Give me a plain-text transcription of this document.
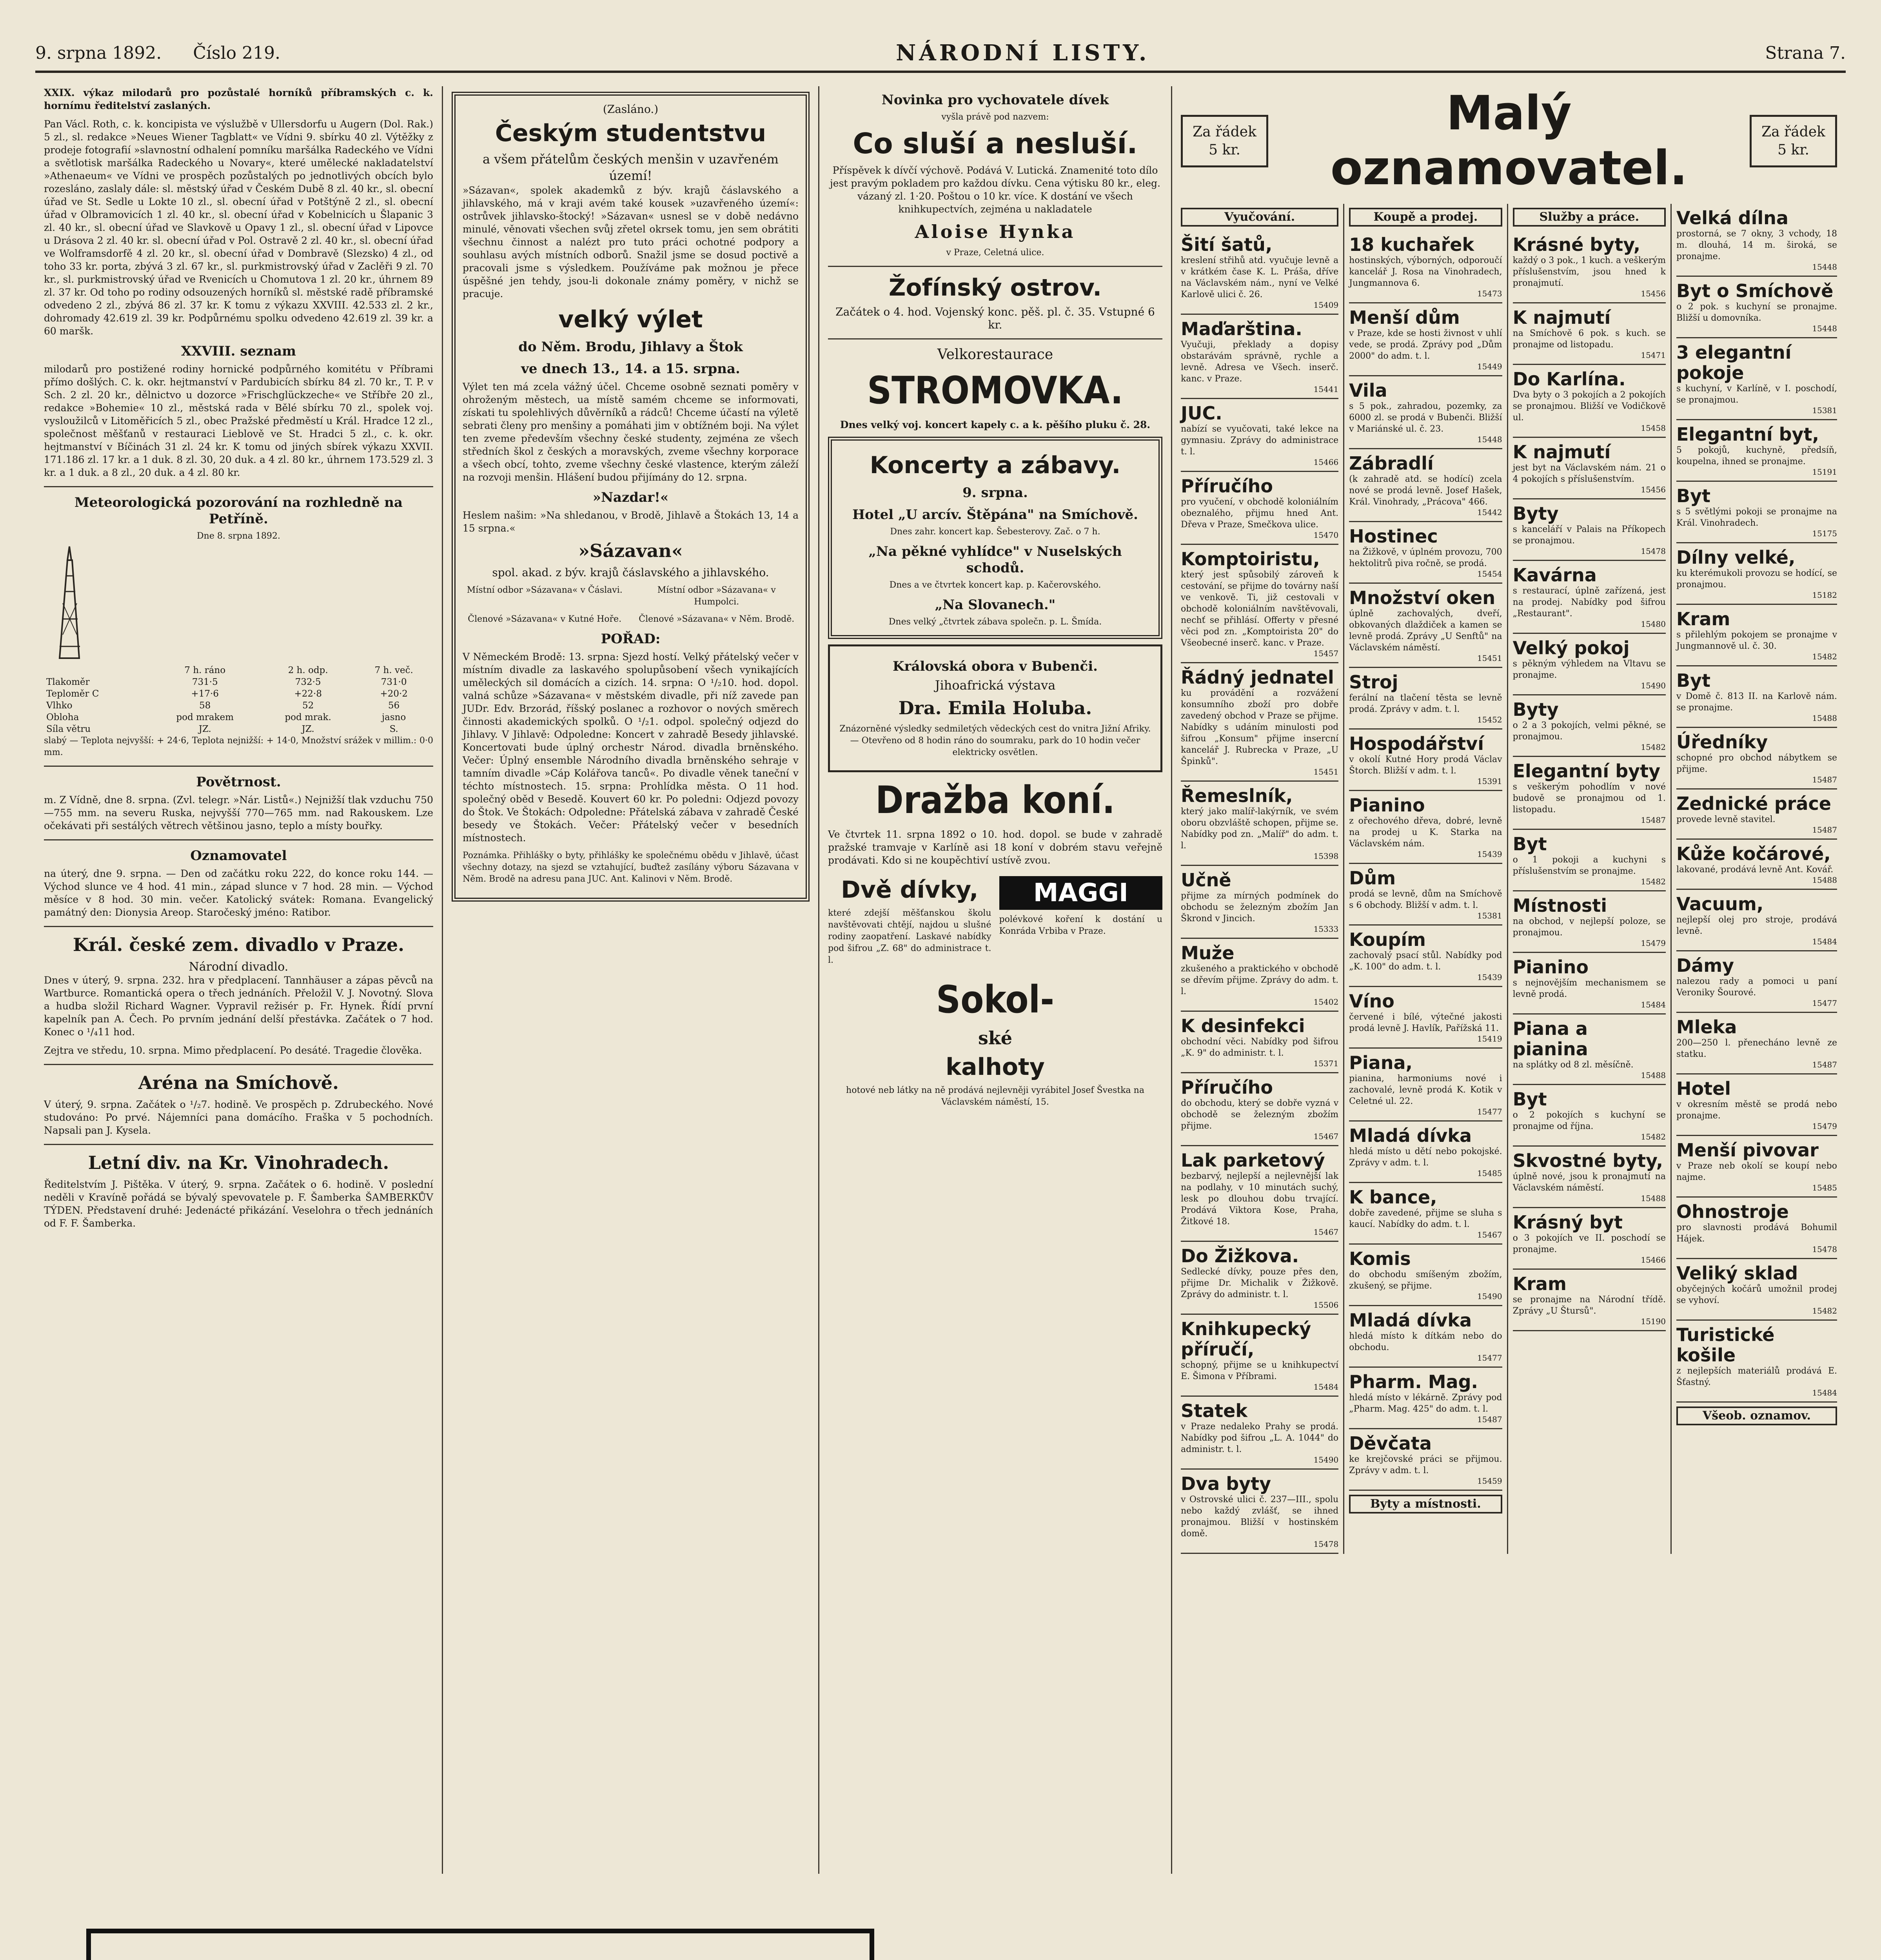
9. srpna 1892. Číslo 219.	NÁRODNÍ LISTY.	Strana 7.

XXIX. výkaz milodarů pro pozůstalé horníků příbramských c. k. hornímu ředitelství zaslaných.

Pan Václ. Roth, c. k. koncipista ve výslužbě v Ullersdorfu u Augern (Dol. Rak.) 5 zl., sl. redakce »Neues Wiener Tagblatt« ve Vídni 9. sbírku 40 zl. Výtěžky z prodeje fotografií »slavnostní odhalení pomníku maršálka Radeckého ve Vídni a světlotisk maršálka Radeckého u Novary«, které umělecké nakladatelství »Athenaeum« ve Vídni ve prospěch pozůstalých po jednotlivých obcích bylo rozesláno, zaslaly dále: sl. městský úřad v Českém Dubě 8 zl. 40 kr., sl. obecní úřad ve St. Sedle u Lokte 10 zl., sl. obecní úřad v Potštýně 2 zl., sl. obecní úřad v Olbramovicích 1 zl. 40 kr., sl. obecní úřad v Kobelnicích u Šlapanic 3 zl. 40 kr., sl. obecní úřad ve Slavkově u Opavy 1 zl., sl. obecní úřad v Lipovce u Drásova 2 zl. 40 kr. sl. obecní úřad v Pol. Ostravě 2 zl. 40 kr., sl. obecní úřad ve Wolframsdorfě 4 zl. 20 kr., sl. obecní úřad v Dombravě (Slezsko) 4 zl., od toho 33 kr. porta, zbývá 3 zl. 67 kr., sl. purkmistrovský úřad v Zaclěři 9 zl. 70 kr., sl. purkmistrovský úřad ve Rvenicích u Chomutova 1 zl. 20 kr., úhrnem 89 zl. 37 kr. Od toho po rodiny odsouzených horníků sl. městské radě příbramské odvedeno 2 zl., zbývá 86 zl. 37 kr. K tomu z výkazu XXVIII. 42.533 zl. 2 kr., dohromady 42.619 zl. 39 kr. Podpůrnému spolku odvedeno 42.619 zl. 39 kr. a 60 maršk.

XXVIII. seznam

milodarů pro postižené rodiny hornické podpůrného komitétu v Příbrami přímo došlých. C. k. okr. hejtmanství v Pardubicích sbírku 84 zl. 70 kr., T. P. v Sch. 2 zl. 20 kr., dělnictvo u dozorce »Frischglückzeche« ve Stříbře 20 zl., redakce »Bohemie« 10 zl., městská rada v Bělé sbírku 70 zl., spolek voj. vysloužilců v Litoměřicích 5 zl., obec Pražské předměstí u Král. Hradce 12 zl., společnost měšťanů v restauraci Lieblově ve St. Hradci 5 zl., c. k. okr. hejtmanství v Bíčinách 31 zl. 24 kr. K tomu od jiných sbírek výkazu XXVII. 171.186 zl. 17 kr. a 1 duk. 8 zl. 30, 20 duk. a 4 zl. 80 kr., úhrnem 173.529 zl. 3 kr. a 1 duk. a 8 zl., 20 duk. a 4 zl. 80 kr.

Meteorologická pozorování na rozhledně na Petříně.
Dne 8. srpna 1892.
	7 h. ráno	2 h. odp.	7 h. več.
Tlakoměr	731·5	732·5	731·0
Teploměr C	+17·6	+22·8	+20·2
Vlhko	58	52	56
Obloha	pod mrakem	pod mrak.	jasno
Síla větru	JZ.	JZ.	S.

slabý — Teplota nejvyšší: + 24·6, Teplota nejnižší: + 14·0, Množství srážek v millim.: 0·0 mm.

Povětrnost.

m. Z Vídně, dne 8. srpna. (Zvl. telegr. »Nár. Listů«.) Nejnižší tlak vzduchu 750—755 mm. na severu Ruska, nejvyšší 770—765 mm. nad Rakouskem. Lze očekávati při sestálých větrech většinou jasno, teplo a místy bouřky.

Oznamovatel

na úterý, dne 9. srpna. — Den od začátku roku 222, do konce roku 144. — Východ slunce ve 4 hod. 41 min., západ slunce v 7 hod. 28 min. — Východ měsíce v 8 hod. 30 min. večer. Katolický svátek: Romana. Evangelický památný den: Dionysia Areop. Staročeský jméno: Ratibor.

Král. české zem. divadlo v Praze.
Národní divadlo.

Dnes v úterý, 9. srpna. 232. hra v předplacení. Tannhäuser a zápas pěvců na Wartburce. Romantická opera o třech jednáních. Přeložil V. J. Novotný. Slova a hudba složil Richard Wagner. Vypravil režisér p. Fr. Hynek. Řídí první kapelník pan A. Čech. Po prvním jednání delší přestávka. Začátek o 7 hod. Konec o ¹/₄11 hod.

Zejtra ve středu, 10. srpna. Mimo předplacení. Po desáté. Tragedie člověka.

Aréna na Smíchově.

V úterý, 9. srpna. Začátek o ¹/₂7. hodině. Ve prospěch p. Zdrubeckého. Nové studováno: Po prvé. Nájemníci pana domácího. Fraška v 5 pochodních. Napsali pan J. Kysela.

Letní div. na Kr. Vinohradech.

Ředitelstvím J. Pištěka. V úterý, 9. srpna. Začátek o 6. hodině. V poslední neděli v Kravíně pořádá se bývalý spevovatele p. F. Šamberka ŠAMBERKŮV TÝDEN. Představení druhé: Jedenácté přikázání. Veselohra o třech jednáních od F. F. Šamberka.

(Zasláno.)
Českým studentstvu
a všem přátelům českých menšin v uzavřeném území!

»Sázavan«, spolek akademků z býv. krajů čáslavského a jihlavského, má v kraji avém také kousek »uzavřeného území«: ostrůvek jihlavsko-štocký! »Sázavan« usnesl se v době nedávno minulé, věnovati všechen svůj zřetel okrsek tomu, jen sem obrátiti všechnu činnost a nalézt pro tuto práci ochotné podpory a souhlasu avých místních odborů. Snažil jsme se dosud poctivě a pracovali jsme s výsledkem. Používáme pak možnou je přece úspěšné jen tehdy, jsou-li dokonale známy poměry, v nichž se pracuje.

velký výlet
do Něm. Brodu, Jihlavy a Štok
ve dnech 13., 14. a 15. srpna.

Výlet ten má zcela vážný účel. Chceme osobně seznati poměry v ohroženým městech, ua místě samém chceme se informovati, získati tu spolehlivých důvěrníků a rádců! Chceme účastí na výletě sebrati členy pro menšiny a pomáhati jim v obtížném boji. Na výlet ten zveme především všechny české studenty, zejména ze všech středních škol z českých a moravských, zveme všechny korporace a všech obcí, tohto, zveme všechny české vlastence, kterým záleží na rozvoji menšin. Hlášení budou přijímány do 12. srpna.

»Nazdar!«

Heslem našim: »Na shledanou, v Brodě, Jihlavě a Štokách 13, 14 a 15 srpna.«

»Sázavan«
spol. akad. z býv. krajů čáslavského a jihlavského.
Místní odbor »Sázavana« v Čáslavi.	Místní odbor »Sázavana« v Humpolci.
Členové »Sázavana« v Kutné Hoře.	Členové »Sázavana« v Něm. Brodě.
POŘAD:

V Německém Brodě: 13. srpna: Sjezd hostí. Velký přátelský večer v místním divadle za laskavého spolupůsobení všech vynikajících uměleckých sil domácích a cizích. 14. srpna: O ¹/₂10. hod. dopol. valná schůze »Sázavana« v městském divadle, při níž zavede pan JUDr. Edv. Brzorád, říšský poslanec a rozhovor o nových směrech činnosti akademických spolků. O ¹/₂1. odpol. společný odjezd do Jihlavy. V Jihlavě: Odpoledne: Koncert v zahradě Besedy jihlavské. Koncertovati bude úplný orchestr Národ. divadla brněnského. Večer: Úplný ensemble Národního divadla brněnského sehraje v tamním divadle »Cáp Kolářova tanců«. Po divadle věnek taneční v téchto místnostech. 15. srpna: Prohlídka města. O 11 hod. společný oběd v Besedě. Kouvert 60 kr. Po poledni: Odjezd povozy do Štok. Ve Štokách: Odpoledne: Přátelská zábava v zahradě České besedy ve Štokách. Večer: Přátelský večer v besedních místnostech.

Poznámka. Přihlášky o byty, přihlášky ke společnému obědu v Jihlavě, účast všechny dotazy, na sjezd se vztahující, buďtež zasílány výboru Sázavana v Něm. Brodě na adresu pana JUC. Ant. Kalinovi v Něm. Brodě.

Novinka pro vychovatele dívek
vyšla právě pod nazvem:
Co sluší a nesluší.

Příspěvek k dívčí výchově. Podává V. Lutická. Znamenité toto dílo jest pravým pokladem pro každou dívku. Cena výtisku 80 kr., eleg. vázaný zl. 1·20. Poštou o 10 kr. více. K dostání ve všech knihkupectvích, zejména u nakladatele

Aloise Hynka
v Praze, Celetná ulice.
Žofínský ostrov.
Začátek o 4. hod. Vojenský konc. pěš. pl. č. 35. Vstupné 6 kr.
Velkorestaurace
STROMOVKA.

Dnes velký voj. koncert kapely c. a k. pěšího pluku č. 28.

Koncerty a zábavy.
9. srpna.
Hotel „U arcív. Štěpána" na Smíchově.
Dnes zahr. koncert kap. Šebesterovy. Zač. o 7 h.
„Na pěkné vyhlídce" v Nuselských schodů.
Dnes a ve čtvrtek koncert kap. p. Kačerovského.
„Na Slovanech."
Dnes velký „čtvrtek zábava společn. p. L. Šmída.
Královská obora v Bubenči.
Jihoafrická výstava
Dra. Emila Holuba.

Znázorněné výsledky sedmiletých vědeckých cest do vnitra Jižní Afriky. — Otevřeno od 8 hodin ráno do soumraku, park do 10 hodin večer elektricky osvětlen.

Dražba koní.

Ve čtvrtek 11. srpna 1892 o 10. hod. dopol. se bude v zahradě pražské tramvaje v Karlíně asi 18 koní v dobrém stavu veřejně prodávati. Kdo si ne koupěchtiví ustívě zvou.

Dvě dívky,

které zdejší měšťanskou školu navštěvovati chtějí, najdou u slušné rodiny zaopatření. Laskavé nabídky pod šifrou „Z. 68" do administrace t. l.

MAGGI

polévkové koření k dostání u Konráda Vrbiba v Praze.

Sokol-
ské
kalhoty

hotové neb látky na ně prodává nejlevněji vyrábitel Josef Švestka na Václavském náměstí, 15.

Za řádek 5 kr.
Malý oznamovatel.
Za řádek 5 kr.
Vyučování.
Šití šatů,
kreslení střihů atd. vyučuje levně a v krátkém čase K. L. Práša, dříve na Václavském nám., nyní ve Velké Karlově ulici č. 26.
15409
Maďarština.
Vyučuji, překlady a dopisy obstarávám správně, rychle a levně. Adresa ve Všech. inserč. kanc. v Praze.
15441
JUC.
nabízí se vyučovati, také lekce na gymnasiu. Zprávy do administrace t. l.
15466
Příručího
pro vyučení, v obchodě koloniálním obeznalého, přijmu hned Ant. Dřeva v Praze, Smečkova ulice.
15470
Komptoiristu,
který jest spůsobilý zároveň k cestování, se přijme do továrny naší ve venkově. Ti, již cestovali v obchodě koloniálním navštěvovali, nechť se přihlásí. Offerty v přesné věci pod zn. „Komptoirista 20" do Všeobecné inserč. kanc. v Praze.
15457
Řádný jednatel
ku provádění a rozvážení konsumního zboží pro dobře zavedený obchod v Praze se přijme. Nabídky s udáním minulosti pod šifrou „Konsum" přijme insercní kancelář J. Rubrecka v Praze, „U Špinků".
15451
Řemeslník,
který jako malíř-lakýrník, ve svém oboru obzvláště schopen, přijme se. Nabídky pod zn. „Malíř" do adm. t. l.
15398
Učně
přijme za mírných podmínek do obchodu se železným zbožím Jan Škrond v Jincich.
15333
Muže
zkušeného a praktického v obchodě se dřevím přijme. Zprávy do adm. t. l.
15402
K desinfekci
obchodní věci. Nabídky pod šifrou „K. 9" do administr. t. l.
15371
Příručího
do obchodu, který se dobře vyzná v obchodě se železným zbožím přijme.
15467
Lak parketový
bezbarvý, nejlepší a nejlevnější lak na podlahy, v 10 minutách suchý, lesk po dlouhou dobu trvající. Prodává Viktora Kose, Praha, Žitkové 18.
15467
Do Žižkova.
Sedlecké dívky, pouze přes den, přijme Dr. Michalik v Žižkově. Zprávy do administr. t. l.
15506
Knihkupecký příručí,
schopný, přijme se u knihkupectví E. Šimona v Příbrami.
15484
Statek
v Praze nedaleko Prahy se prodá. Nabídky pod šifrou „L. A. 1044" do administr. t. l.
15490
Dva byty
v Ostrovské ulici č. 237—III., spolu nebo každý zvlášť, se ihned pronajmou. Bližší v hostinském domě.
15478
Koupě a prodej.
18 kuchařek
hostinských, výborných, odporoučí kancelář J. Rosa na Vinohradech, Jungmannova 6.
15473
Menší dům
v Praze, kde se hosti živnost v uhlí vede, se prodá. Zprávy pod „Dům 2000" do adm. t. l.
15449
Vila
s 5 pok., zahradou, pozemky, za 6000 zl. se prodá v Bubenči. Bližší v Mariánské ul. č. 23.
15448
Zábradlí
(k zahradě atd. se hodící) zcela nové se prodá levně. Josef Hašek, Král. Vinohrady, „Prácova" 466.
15442
Hostinec
na Žižkově, v úplném provozu, 700 hektolitrů piva ročně, se prodá.
15454
Množství oken
úplně zachovalých, dveří, obkovaných dlaždiček a kamen se levně prodá. Zprávy „U Senftů" na Václavském náměstí.
15451
Stroj
ferální na tlačení těsta se levně prodá. Zprávy v adm. t. l.
15452
Hospodářství
v okolí Kutné Hory prodá Václav Štorch. Bližší v adm. t. l.
15391
Pianino
z ořechového dřeva, dobré, levně na prodej u K. Starka na Václavském nám.
15439
Dům
prodá se levně, dům na Smíchově s 6 obchody. Bližší v adm. t. l.
15381
Koupím
zachovalý psací stůl. Nabídky pod „K. 100" do adm. t. l.
15439
Víno
červené i bílé, výtečné jakosti prodá levně J. Havlík, Pařížská 11.
15419
Piana,
pianina, harmoniums nové i zachovalé, levně prodá K. Kotik v Celetné ul. 22.
15477
Mladá dívka
hledá místo u dětí nebo pokojské. Zprávy v adm. t. l.
15485
K bance,
dobře zavedené, přijme se sluha s kaucí. Nabídky do adm. t. l.
15467
Komis
do obchodu smíšeným zbožím, zkušený, se přijme.
15490
Mladá dívka
hledá místo k dítkám nebo do obchodu.
15477
Pharm. Mag.
hledá místo v lékárně. Zprávy pod „Pharm. Mag. 425" do adm. t. l.
15487
Děvčata
ke krejčovské práci se přijmou. Zprávy v adm. t. l.
15459
Byty a místnosti.
Služby a práce.
Krásné byty,
každý o 3 pok., 1 kuch. a veškerým příslušenstvím, jsou hned k pronajmutí.
15456
K najmutí
na Smíchově 6 pok. s kuch. se pronajme od listopadu.
15471
Do Karlína.
Dva byty o 3 pokojích a 2 pokojích se pronajmou. Bližší ve Vodičkově ul.
15458
K najmutí
jest byt na Václavském nám. 21 o 4 pokojích s příslušenstvím.
15456
Byty
s kanceláří v Palais na Příkopech se pronajmou.
15478
Kavárna
s restaurací, úplně zařízená, jest na prodej. Nabídky pod šifrou „Restaurant".
15480
Velký pokoj
s pěkným výhledem na Vltavu se pronajme.
15490
Byty
o 2 a 3 pokojích, velmi pěkné, se pronajmou.
15482
Elegantní byty
s veškerým pohodlím v nové budově se pronajmou od 1. listopadu.
15487
Byt
o 1 pokoji a kuchyni s příslušenstvím se pronajme.
15482
Místnosti
na obchod, v nejlepší poloze, se pronajmou.
15479
Pianino
s nejnovějším mechanismem se levně prodá.
15484
Piana a pianina
na splátky od 8 zl. měsíčně.
15488
Byt
o 2 pokojích s kuchyní se pronajme od října.
15482
Skvostné byty,
úplně nové, jsou k pronajmutí na Václavském náměstí.
15488
Krásný byt
o 3 pokojích ve II. poschodí se pronajme.
15466
Kram
se pronajme na Národní třídě. Zprávy „U Štursů".
15190
Velká dílna
prostorná, se 7 okny, 3 vchody, 18 m. dlouhá, 14 m. široká, se pronajme.
15448
Byt o Smíchově
o 2 pok. s kuchyní se pronajme. Bližší u domovníka.
15448
3 elegantní pokoje
s kuchyní, v Karlíně, v I. poschodí, se pronajmou.
15381
Elegantní byt,
5 pokojů, kuchyně, předsíň, koupelna, ihned se pronajme.
15191
Byt
s 5 světlými pokoji se pronajme na Král. Vinohradech.
15175
Dílny velké,
ku kterémukoli provozu se hodící, se pronajmou.
15182
Kram
s přilehlým pokojem se pronajme v Jungmannově ul. č. 30.
15482
Byt
v Domě č. 813 II. na Karlově nám. se pronajme.
15488
Úředníky
schopné pro obchod nábytkem se přijme.
15487
Zednické práce
provede levně stavitel.
15487
Kůže kočárové,
lakované, prodává levně Ant. Kovář.
15488
Vacuum,
nejlepší olej pro stroje, prodává levně.
15484
Dámy
nalezou rady a pomoci u paní Veroniky Šourové.
15477
Mleka
200—250 l. přenecháno levně ze statku.
15487
Hotel
v okresním městě se prodá nebo pronajme.
15479
Menší pivovar
v Praze neb okolí se koupí nebo najme.
15485
Ohnostroje
pro slavnosti prodává Bohumil Hájek.
15478
Veliký sklad
obyčejných kočárů umožnil prodej se vyhoví.
15482
Turistické košile
z nejlepších materiálů prodává E. Šťastný.
15484
Všeob. oznamov.
